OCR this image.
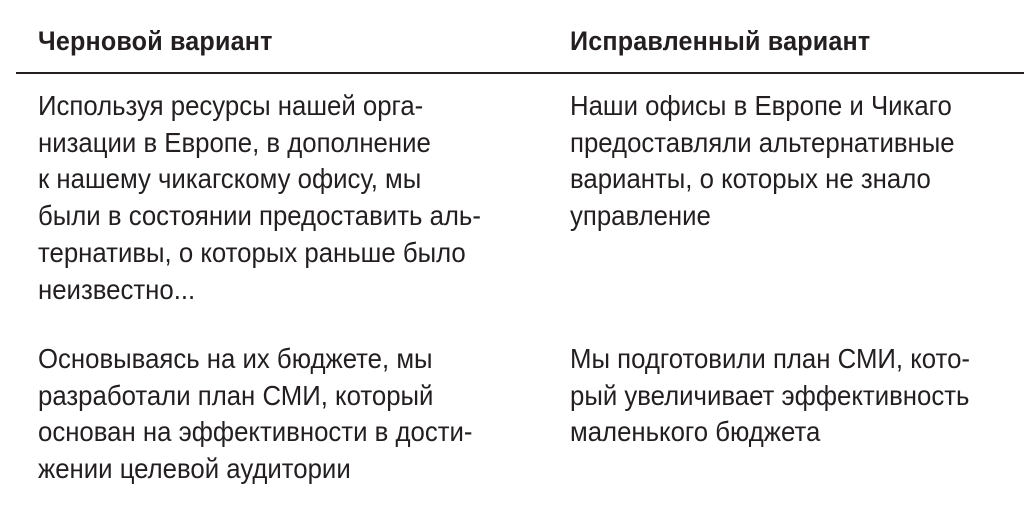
Черновой вариант	Исправленный вариант
Используя ресурсы нашей орга-
низации в Европе, в дополнение
к нашему чикагскому офису, мы
были в состоянии предоставить аль-
тернативы, о которых раньше было
неизвестно...
Наши офисы в Европе и Чикаго
предоставляли альтернативные
варианты, о которых не знало
управление
Основываясь на их бюджете, мы
разработали план СМИ, который
основан на эффективности в дости-
жении целевой аудитории
Мы подготовили план СМИ, кото-
рый увеличивает эффективность
маленького бюджета
